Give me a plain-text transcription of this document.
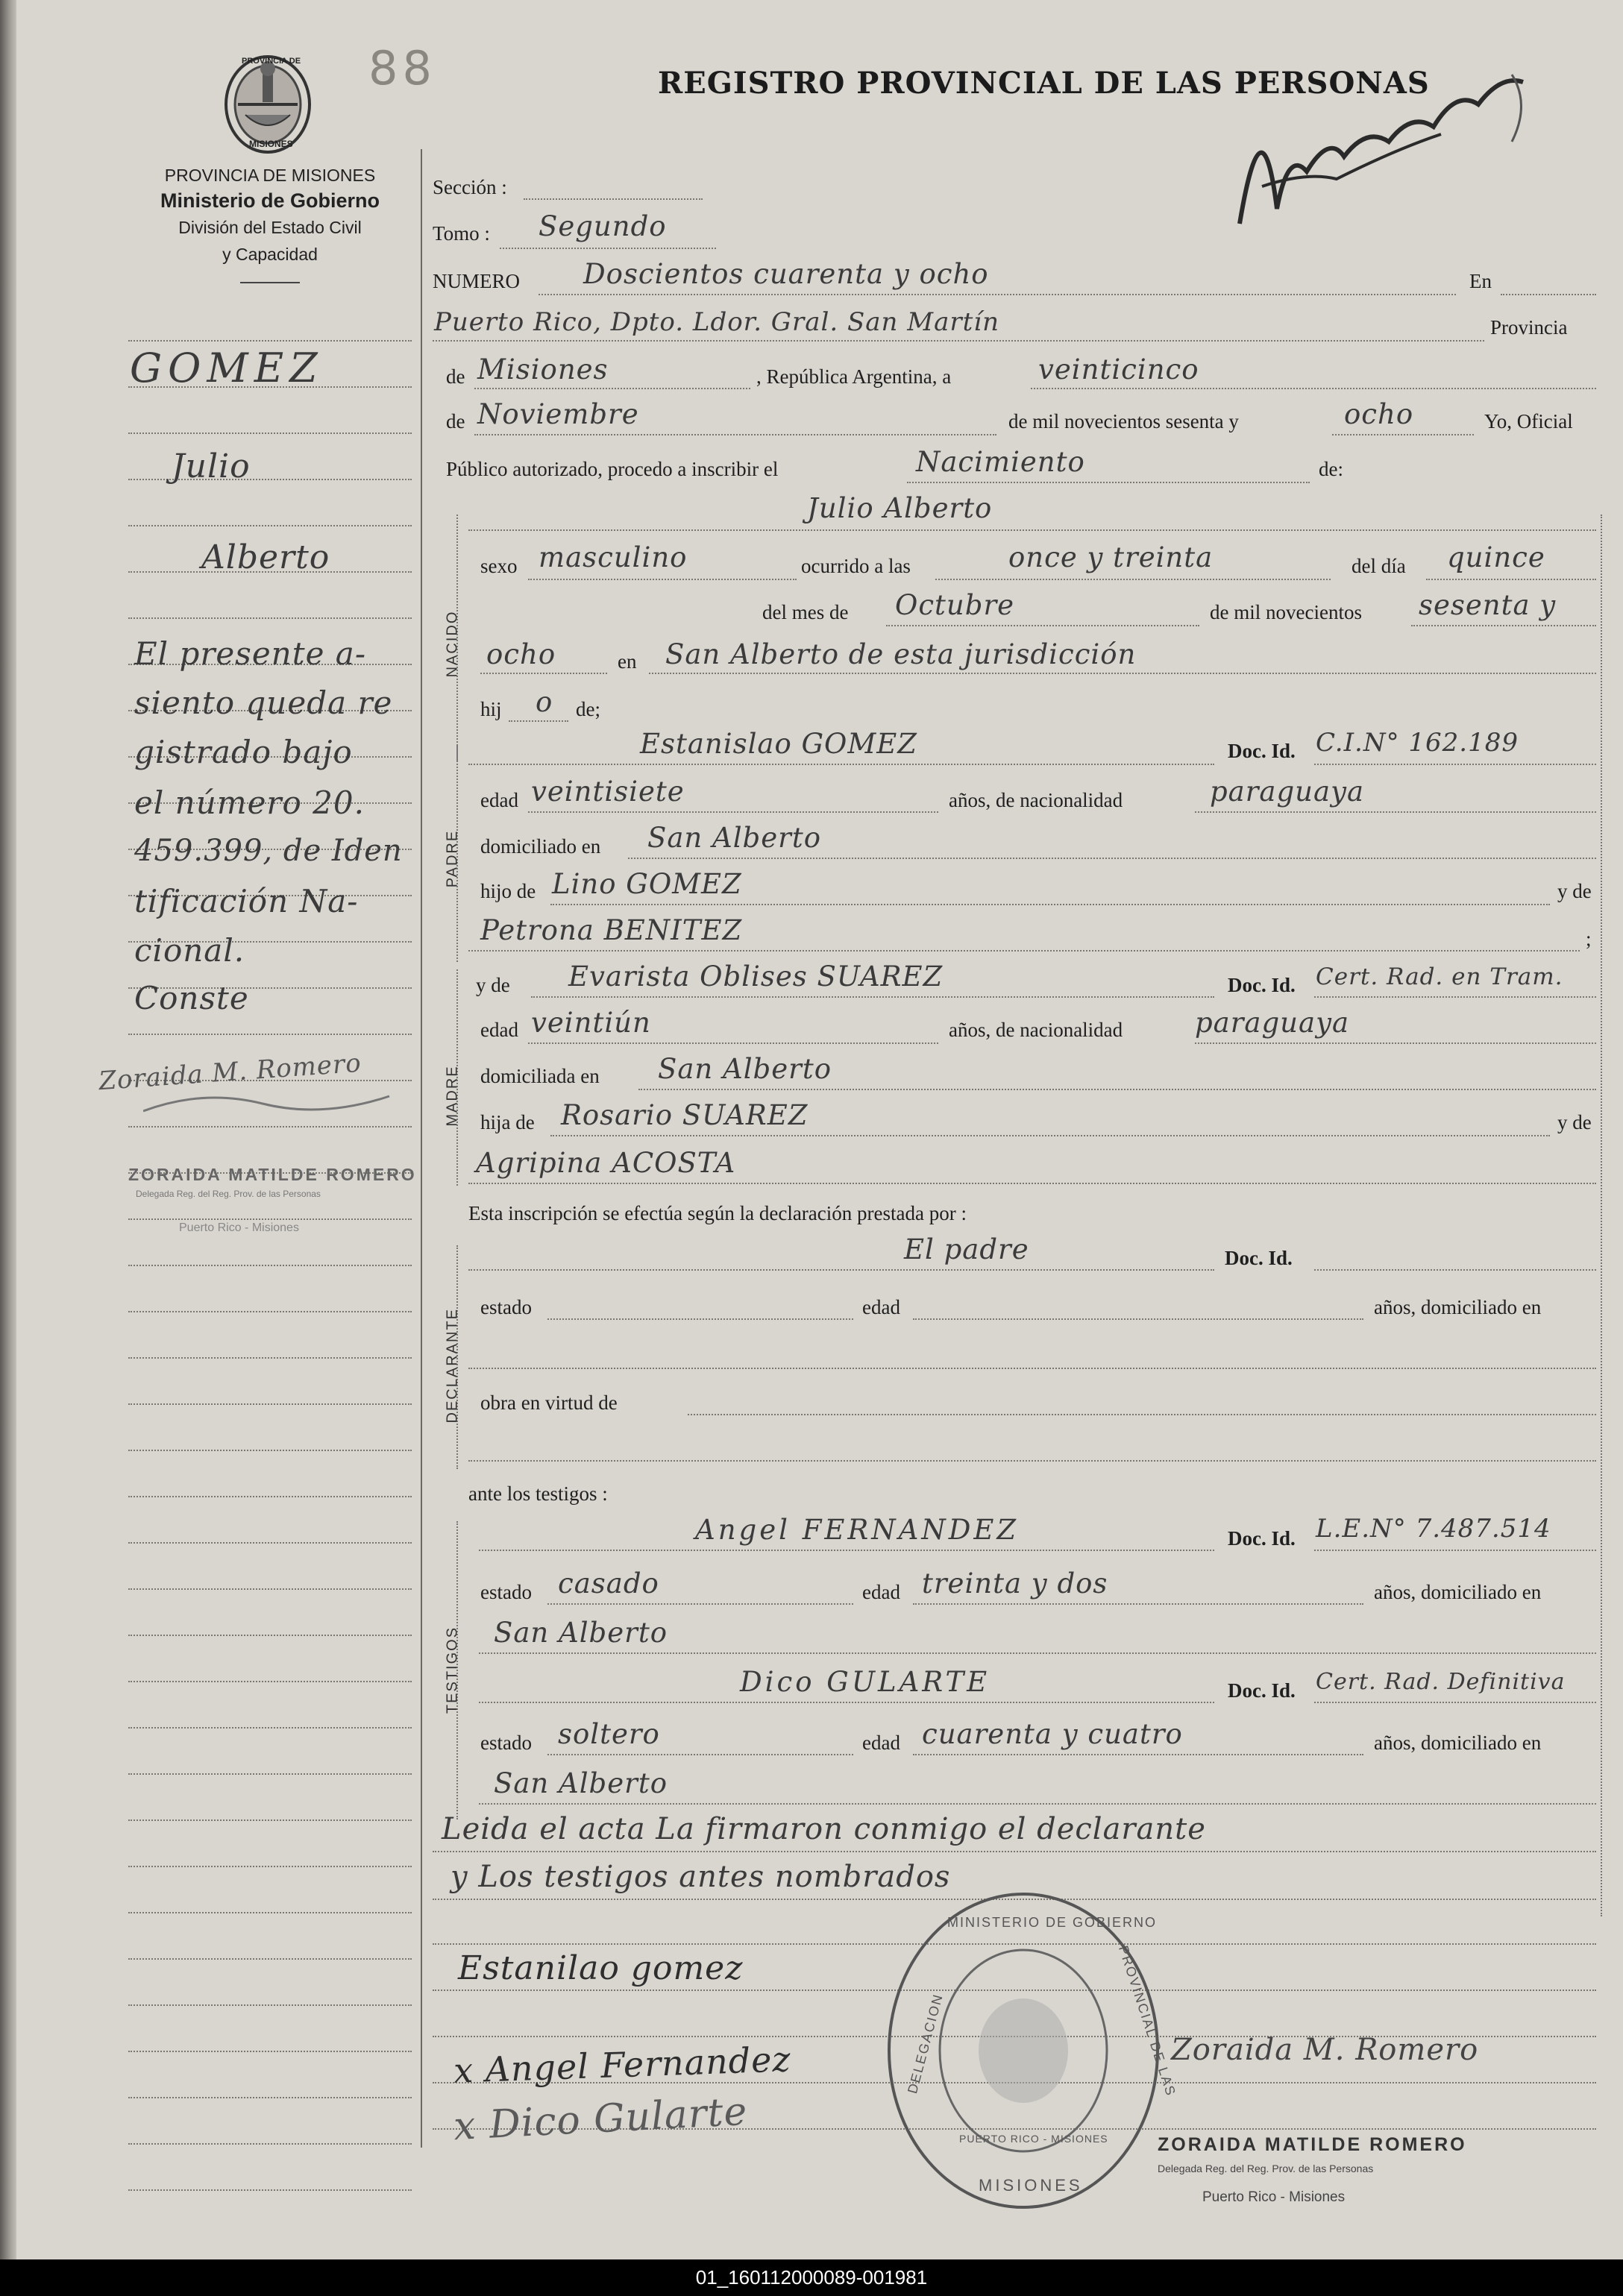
88
PROVINCIA DE
MISIONES
PROVINCIA DE MISIONES
Ministerio de Gobierno
División del Estado Civil
y Capacidad
REGISTRO PROVINCIAL DE LAS PERSONAS
GOMEZ
Julio
Alberto
El presente a-
siento queda re
gistrado bajo
el número 20.
459.399, de Iden
tificación Na-
cional.
Conste
Zoraida M. Romero
ZORAIDA MATILDE ROMERO
Delegada Reg. del Reg. Prov. de las Personas
Puerto Rico - Misiones
Sección :
Tomo : Segundo
NUMERO Doscientos cuarenta y ocho	En
Puerto Rico, Dpto. Ldor. Gral. San Martín	Provincia
de Misiones	, República Argentina, a	veinticinco
de Noviembre	de mil novecientos sesenta y	ocho	Yo, Oficial
Público autorizado, procedo a inscribir el	Nacimiento	de:
NACIDO
PADRE
MADRE
DECLARANTE
TESTIGOS
Julio Alberto
sexo masculino	ocurrido a las	once y treinta	del día quince
del mes de Octubre	de mil novecientos sesenta y
ocho	en San Alberto de esta jurisdicción
hij o de;
Estanislao GOMEZ	Doc. Id. C.I.N° 162.189
edad veintisiete	años, de nacionalidad	paraguaya
domiciliado en San Alberto
hijo de Lino GOMEZ	y de
Petrona BENITEZ	;
y de Evarista Oblises SUAREZ	Doc. Id. Cert. Rad. en Tram.
edad veintiún	años, de nacionalidad	paraguaya
domiciliada en San Alberto
hija de Rosario SUAREZ	y de
Agripina ACOSTA
Esta inscripción se efectúa según la declaración prestada por :
El padre	Doc. Id.
estado	edad	años, domiciliado en
obra en virtud de
ante los testigos :
Angel FERNANDEZ	Doc. Id. L.E.N° 7.487.514
estado casado	edad treinta y dos	años, domiciliado en
San Alberto
Dico GULARTE	Doc. Id. Cert. Rad. Definitiva
estado soltero	edad cuarenta y cuatro	años, domiciliado en
San Alberto
Leida el acta La firmaron conmigo el declarante
y Los testigos antes nombrados
Estanilao gomez
x Angel Fernandez
x Dico Gularte
Zoraida M. Romero
ZORAIDA MATILDE ROMERO
Delegada Reg. del Reg. Prov. de las Personas
Puerto Rico - Misiones
MINISTERIO DE GOBIERNO
DELEGACION	PROVINCIAL DE LAS
MISIONES
PUERTO RICO - MISIONES
01_160112000089-001981
